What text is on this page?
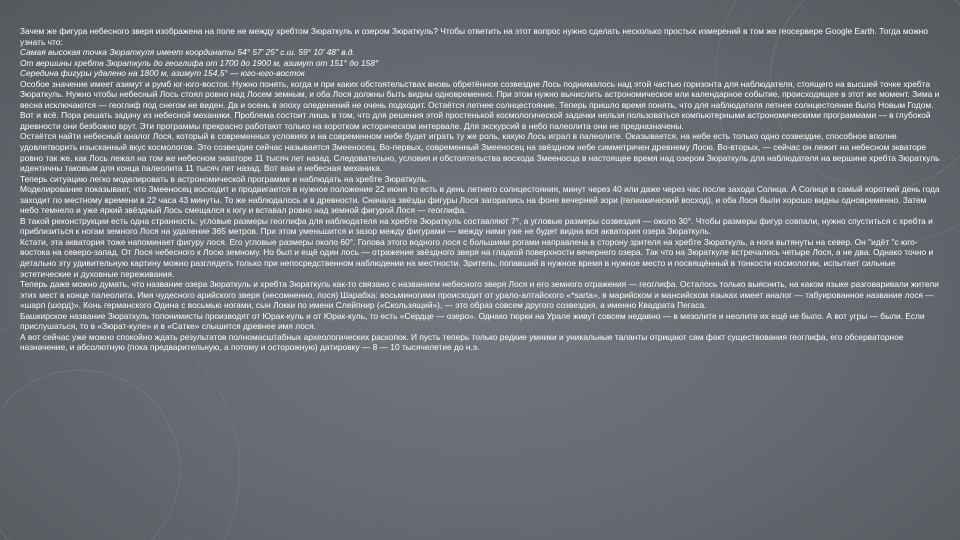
Зачем же фигура небесного зверя изображена на поле не между хребтом Зюраткуль и озером Зюраткуль? Чтобы ответить на этот вопрос нужно сделать несколько простых измерений в том же геосервере Google Earth. Тогда можно узнать что:

Самая высокая точка Зюраткуля имеет координаты 54° 57' 25" с.ш. 59° 10' 48" в.д.

От вершины хребта Зюраткуль до геоглифа от 1700 до 1900 м, азимут от 151° до 158°

Середина фигуры удалено на 1800 м, азимут 154,5° — юго-юго-восток

Особое значение имеет азимут и румб юг-юго-восток. Нужно понять, когда и при каких обстоятельствах вновь обретённое созвездие Лось поднималось над этой частью горизонта для наблюдателя, стоящего на высшей точке хребта Зюраткуль. Нужно чтобы небесный Лось стоял ровно над Лосем земным, и оба Лося должны быть видны одновременно. При этом нужно вычислить астрономическое или календарное событие, происходящее в этот же момент. Зима и весна исключаются — геоглиф под снегом не виден. Да и осень в эпоху оледенений не очень подходит. Остаётся летнее солнцестояние. Теперь пришло время понять, что для наблюдателя летнее солнцестояние было Новым Годом. Вот и всё. Пора решать задачу из небесной механики. Проблема состоит лишь в том, что для решения этой простенькой космологической задачки нельзя пользоваться компьютерными астрономическими программами — в глубокой древности они безбожно врут. Эти программы прекрасно работают только на коротком историческом интервале. Для экскурсий в небо палеолита они не предназначены.

Остаётся найти небесный аналог Лося, который в современных условиях и на современном небе будет играть ту же роль, какую Лось играл в палеолите. Оказывается, на небе есть только одно созвездие, способное вполне удовлетворить изысканный вкус космологов. Это созвездие сейчас называется Змееносец. Во-первых, современный Змееносец на звёздном небе симметричен древнему Лосю. Во-вторых, — сейчас он лежит на небесном экваторе ровно так же, как Лось лежал на том же небесном экваторе 11 тысяч лет назад. Следовательно, условия и обстоятельства восхода Змееносца в настоящее время над озером Зюраткуль для наблюдателя на вершине хребта Зюраткуль идентичны таковым для конца палеолита 11 тысяч лет назад. Вот вам и небесная механика.

Теперь ситуацию легко моделировать в астрономической программе и наблюдать на хребте Зюраткуль.

Моделирование показывает, что Змееносец восходит и продвигается в нужное положение 22 июня то есть в день летнего солнцестояния, минут через 40 или даже через час после захода Солнца. А Солнце в самый короткий день года заходит по местному времени в 22 часа 43 минуты. То же наблюдалось и в древности. Сначала звёзды фигуры Лося загорались на фоне вечерней зори (гелиакический восход), и оба Лося были хорошо видны одновременно. Затем небо темнело и уже яркий звёздный Лось смещался к югу и вставал ровно над земной фигурой Лося — геоглифа.

В такой реконструкции есть одна странность: угловые размеры геоглифа для наблюдателя на хребте Зюраткуль составляют 7°, а угловые размеры созвездия — около 30°. Чтобы размеры фигур совпали, нужно спуститься с хребта и приблизиться к ногам земного Лося на удаление 365 метров. При этом уменьшится и зазор между фигурами — между ними уже не будет видна вся акватория озера Зюраткуль.

Кстати, эта акватория тоже напоминает фигуру лося. Его угловые размеры около 60°. Голова этого водного лося с большими рогами направлена в сторону зрителя на хребте Зюраткуль, а ноги вытянуты на север. Он "идёт "с юго-востока на северо-запад. От Лося небесного к Лосю земному. Но был и ещё один лось — отражение звёздного зверя на гладкой поверхности вечернего озера. Так что на Зюраткуле встречались четыре Лося, а не два. Однако точно и детально эту удивительную картину можно разглядеть только при непосредственном наблюдении на местности. Зритель, попавший в нужное время в нужное место и посвящённый в тонкости космологии, испытает сильные эстетические и духовные переживания.

Теперь даже можно думать, что название озера Зюраткуль и хребта Зюраткуль как-то связано с названием небесного зверя Лося и его земного отражения — геоглифа. Осталось только выяснить, на каком языке разговаривали жители этих мест в конце палеолита. Имя чудесного арийского зверя (несомненно, лося) Шарабха: восьминогими происходит от урало-алтайского «*sarta», в марийском и мансийском языках имеет аналог — табуированное название лося — «шарп (шорд)». Конь германского Одина с восьмью ногами, сын Локки по имени Слейпнир («Скользящий»), — это образ совсем другого созвездия, а именно Квадрата Пегаса.

Башкирское название Зюраткуль топонимисты производят от Юрак-куль и от Юрак-куль, то есть «Сердце — озеро». Однако тюрки на Урале живут совсем недавно — в мезолите и неолите их ещё не было. А вот угры — были. Если прислушаться, то в «Зюрат-куле» и в «Сатке» слышится древнее имя лося.

А вот сейчас уже можно спокойно ждать результатов полномасштабных археологических раскопок. И пусть теперь только редкие умники и уникальные таланты отрицают сам факт существования геоглифа, его обсерваторное назначение, и абсолютную (пока предварительную, а потому и осторожную) датировку — 8 — 10 тысячелетие до н.э.
